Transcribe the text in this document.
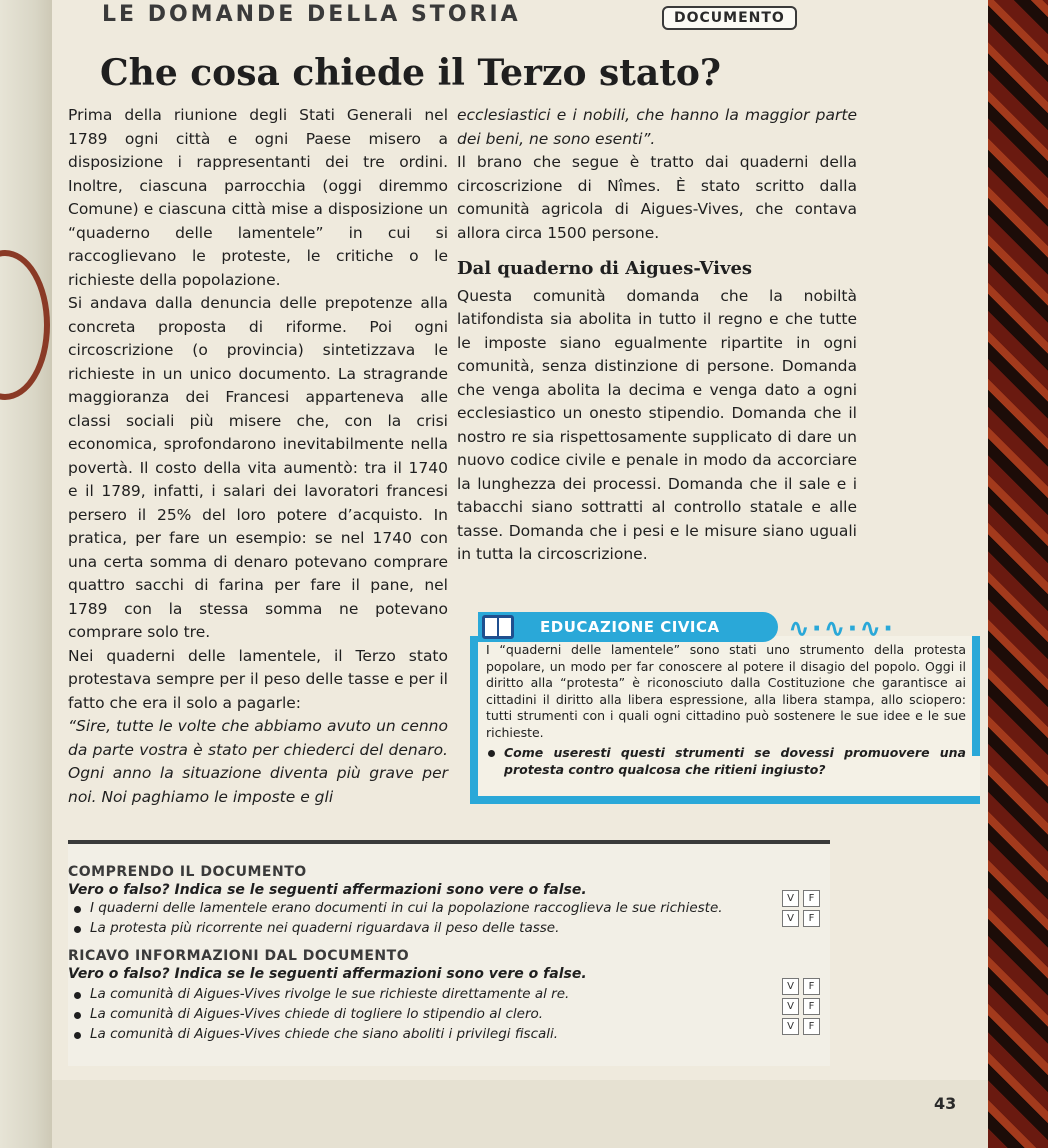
LE DOMANDE DELLA STORIA	DOCUMENTO
Che cosa chiede il Terzo stato?

Prima della riunione degli Stati Generali nel 1789 ogni città e ogni Paese misero a disposizione i rappresentanti dei tre ordini. Inoltre, ciascuna parrocchia (oggi diremmo Comune) e ciascuna città mise a disposizione un “quaderno delle lamentele” in cui si raccoglievano le proteste, le critiche o le richieste della popolazione.

Si andava dalla denuncia delle prepotenze alla concreta proposta di riforme. Poi ogni circoscrizione (o provincia) sintetizzava le richieste in un unico documento. La stragrande maggioranza dei Francesi apparteneva alle classi sociali più misere che, con la crisi economica, sprofondarono inevitabilmente nella povertà. Il costo della vita aumentò: tra il 1740 e il 1789, infatti, i salari dei lavoratori francesi persero il 25% del loro potere d’acquisto. In pratica, per fare un esempio: se nel 1740 con una certa somma di denaro potevano comprare quattro sacchi di farina per fare il pane, nel 1789 con la stessa somma ne potevano comprare solo tre.

Nei quaderni delle lamentele, il Terzo stato protestava sempre per il peso delle tasse e per il fatto che era il solo a pagarle:

“Sire, tutte le volte che abbiamo avuto un cenno da parte vostra è stato per chiederci del denaro. Ogni anno la situazione diventa più grave per noi. Noi paghiamo le imposte e gli

ecclesiastici e i nobili, che hanno la maggior parte dei beni, ne sono esenti”.

Il brano che segue è tratto dai quaderni della circoscrizione di Nîmes. È stato scritto dalla comunità agricola di Aigues-Vives, che contava allora circa 1500 persone.

Dal quaderno di Aigues-Vives

Questa comunità domanda che la nobiltà latifondista sia abolita in tutto il regno e che tutte le imposte siano egualmente ripartite in ogni comunità, senza distinzione di persone. Domanda che venga abolita la decima e venga dato a ogni ecclesiastico un onesto stipendio. Domanda che il nostro re sia rispettosamente supplicato di dare un nuovo codice civile e penale in modo da accorciare la lunghezza dei processi. Domanda che il sale e i tabacchi siano sottratti al controllo statale e alle tasse. Domanda che i pesi e le misure siano uguali in tutta la circoscrizione.

EDUCAZIONE CIVICA	∿·∿·∿·
I “quaderni delle lamentele” sono stati uno strumento della protesta popolare, un modo per far conoscere al potere il disagio del popolo. Oggi il diritto alla “protesta” è riconosciuto dalla Costituzione che garantisce ai cittadini il diritto alla libera espressione, alla libera stampa, allo sciopero: tutti strumenti con i quali ogni cittadino può sostenere le sue idee e le sue richieste.
Come useresti questi strumenti se dovessi promuovere una protesta contro qualcosa che ritieni ingiusto?
COMPRENDO IL DOCUMENTO
Vero o falso? Indica se le seguenti affermazioni sono vere o false.
I quaderni delle lamentele erano documenti in cui la popolazione raccoglieva le sue richieste.
V	F
La protesta più ricorrente nei quaderni riguardava il peso delle tasse.
V	F
RICAVO INFORMAZIONI DAL DOCUMENTO
Vero o falso? Indica se le seguenti affermazioni sono vere o false.
La comunità di Aigues-Vives rivolge le sue richieste direttamente al re.	V	F
La comunità di Aigues-Vives chiede di togliere lo stipendio al clero.	V	F
La comunità di Aigues-Vives chiede che siano aboliti i privilegi fiscali.	V	F
43
